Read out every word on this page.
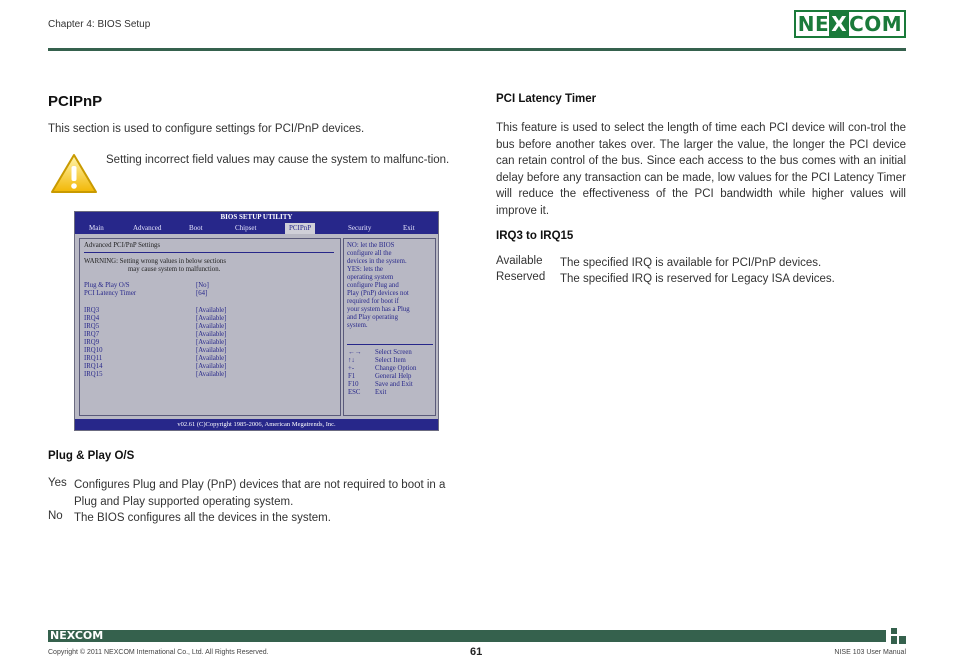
Chapter 4: BIOS Setup	NE X COM
PCIPnP
This section is used to configure settings for PCI/PnP devices.
Setting incorrect field values may cause the system to malfunc-tion.
BIOS SETUP UTILITY
Main	Advanced	Boot	Chipset	PCIPnP	Security	Exit
Advanced PCI/PnP Settings
WARNING: Setting wrong values in below sections
may cause system to malfunction.
Plug & Play O/S	[No]
PCI Latency Timer	[64]
IRQ3	[Available]
IRQ4	[Available]
IRQ5	[Available]
IRQ7	[Available]
IRQ9	[Available]
IRQ10	[Available]
IRQ11	[Available]
IRQ14	[Available]
IRQ15	[Available]
NO: let the BIOS
configure all the
devices in the system.
YES: lets the
operating system
configure Plug and
Play (PnP) devices not
required for boot if
your system has a Plug
and Play operating
system.
←→ Select Screen
↑↓	Select Item
+-	Change Option
F1	General Help
F10 Save and Exit
ESC Exit
v02.61 (C)Copyright 1985-2006, American Megatrends, Inc.
Plug & Play O/S
Yes Configures Plug and Play (PnP) devices that are not required to boot in a Plug and Play supported operating system.
No The BIOS configures all the devices in the system.
PCI Latency Timer
This feature is used to select the length of time each PCI device will con-trol the bus before another takes over. The larger the value, the longer the PCI device can retain control of the bus. Since each access to the bus comes with an initial delay before any transaction can be made, low values for the PCI Latency Timer will reduce the effectiveness of the PCI bandwidth while higher values will improve it.
IRQ3 to IRQ15
Available The specified IRQ is available for PCI/PnP devices.
Reserved The specified IRQ is reserved for Legacy ISA devices.
NEXCOM
Copyright © 2011 NEXCOM International Co., Ltd. All Rights Reserved.	61	NISE 103 User Manual
